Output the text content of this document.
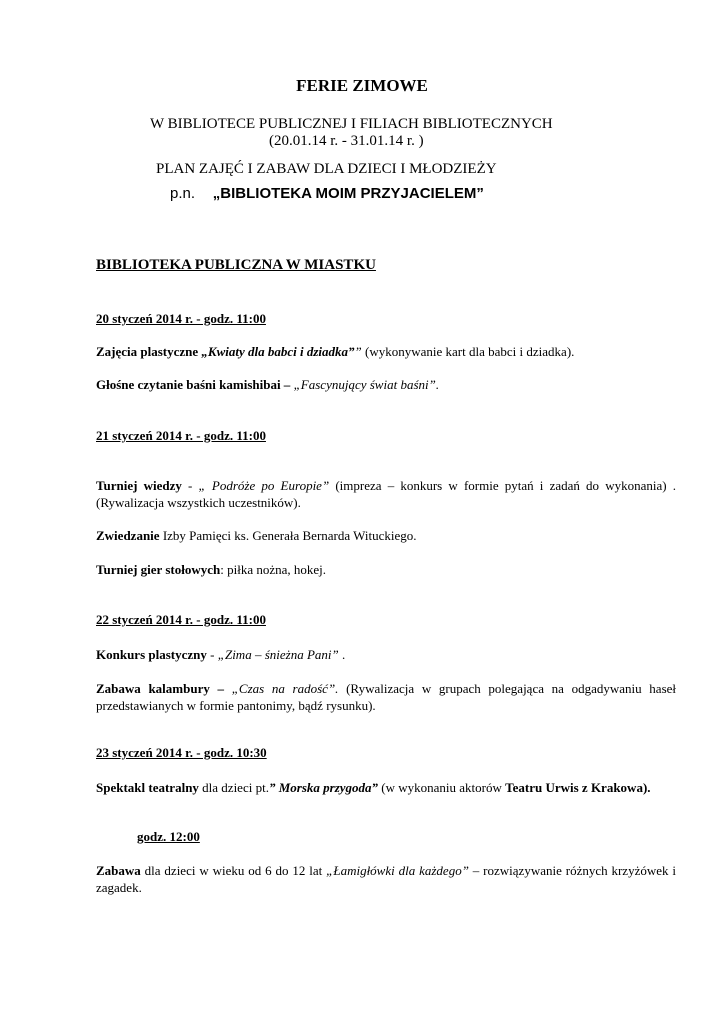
FERIE ZIMOWE
W BIBLIOTECE PUBLICZNEJ I FILIACH BIBLIOTECZNYCH
(20.01.14 r. - 31.01.14 r. )
PLAN ZAJĘĆ I ZABAW DLA DZIECI I MŁODZIEŻY
p.n. „BIBLIOTEKA MOIM PRZYJACIELEM”
BIBLIOTEKA PUBLICZNA W MIASTKU
20 styczeń 2014 r. - godz. 11:00
Zajęcia plastyczne „Kwiaty dla babci i dziadka”” (wykonywanie kart dla babci i dziadka).
Głośne czytanie baśni kamishibai – „Fascynujący świat baśni”.
21 styczeń 2014 r. - godz. 11:00
Turniej wiedzy - „ Podróże po Europie” (impreza – konkurs w formie pytań i zadań do wykonania) . (Rywalizacja wszystkich uczestników).
Zwiedzanie Izby Pamięci ks. Generała Bernarda Wituckiego.
Turniej gier stołowych: piłka nożna, hokej.
22 styczeń 2014 r. - godz. 11:00
Konkurs plastyczny - „Zima – śnieżna Pani” .
Zabawa kalambury – „Czas na radość”. (Rywalizacja w grupach polegająca na odgadywaniu haseł przedstawianych w formie pantonimy, bądź rysunku).
23 styczeń 2014 r. - godz. 10:30
Spektakl teatralny dla dzieci pt.” Morska przygoda” (w wykonaniu aktorów Teatru Urwis z Krakowa).
godz. 12:00
Zabawa dla dzieci w wieku od 6 do 12 lat „Łamigłówki dla każdego” – rozwiązywanie różnych krzyżówek i zagadek.
